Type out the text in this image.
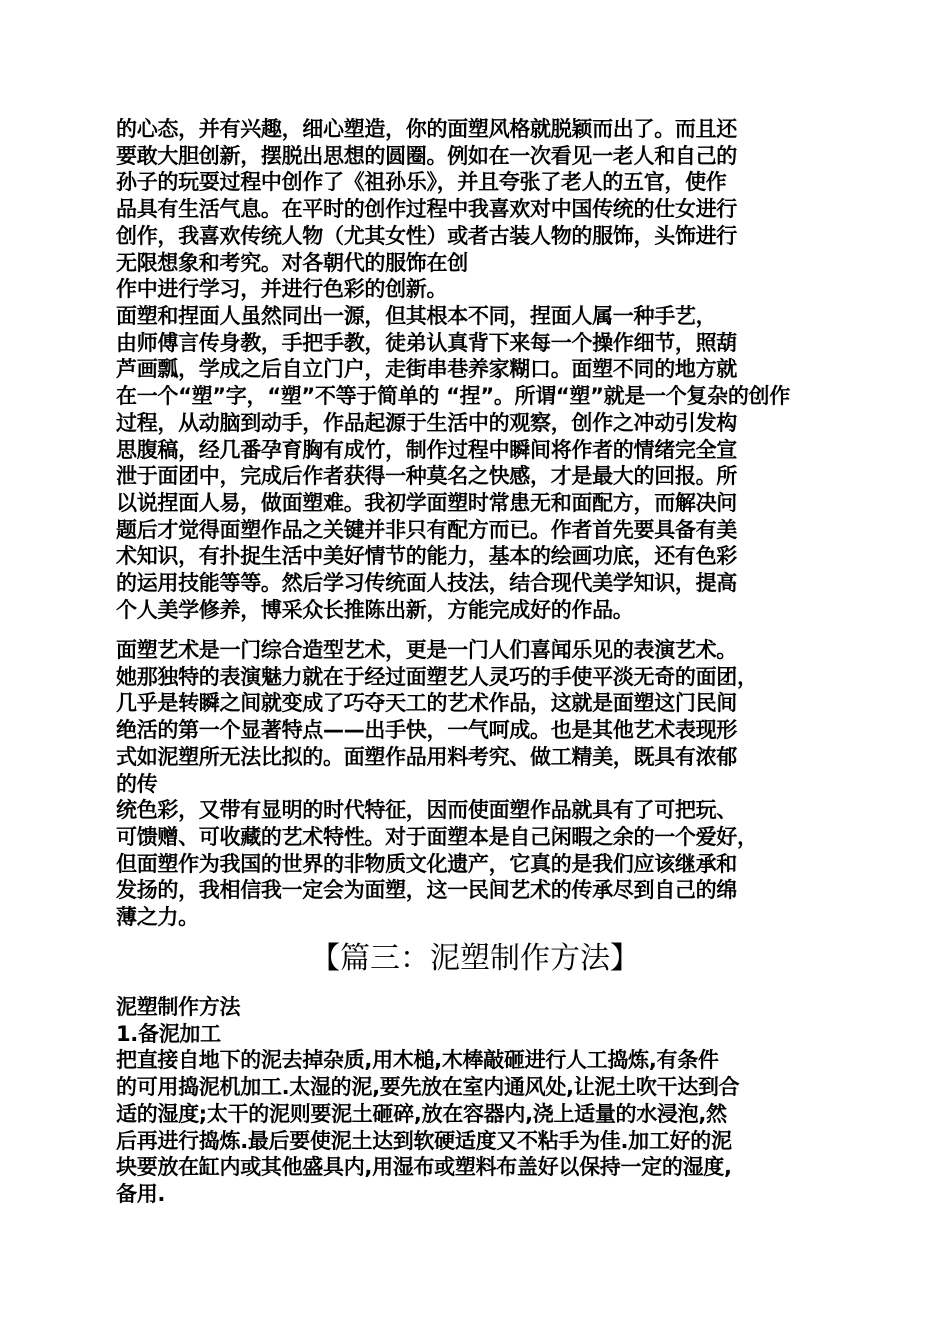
的心态，并有兴趣，细心塑造，你的面塑风格就脱颖而出了。而且还
要敢大胆创新，摆脱出思想的圆圈。例如在一次看见一老人和自己的
孙子的玩耍过程中创作了《祖孙乐》，并且夸张了老人的五官，使作
品具有生活气息。在平时的创作过程中我喜欢对中国传统的仕女进行
创作，我喜欢传统人物（尤其女性）或者古装人物的服饰，头饰进行
无限想象和考究。对各朝代的服饰在创
作中进行学习，并进行色彩的创新。
面塑和捏面人虽然同出一源，但其根本不同，捏面人属一种手艺，
由师傅言传身教，手把手教，徒弟认真背下来每一个操作细节，照葫
芦画瓢，学成之后自立门户，走街串巷养家糊口。面塑不同的地方就
在一个“塑”字，“塑”不等于简单的 “捏”。所谓“塑”就是一个复杂的创作
过程，从动脑到动手，作品起源于生活中的观察，创作之冲动引发构
思腹稿，经几番孕育胸有成竹，制作过程中瞬间将作者的情绪完全宣
泄于面团中，完成后作者获得一种莫名之快感，才是最大的回报。所
以说捏面人易，做面塑难。我初学面塑时常患无和面配方，而解决问
题后才觉得面塑作品之关键并非只有配方而已。作者首先要具备有美
术知识，有扑捉生活中美好情节的能力，基本的绘画功底，还有色彩
的运用技能等等。然后学习传统面人技法，结合现代美学知识，提高
个人美学修养，博采众长推陈出新，方能完成好的作品。
面塑艺术是一门综合造型艺术，更是一门人们喜闻乐见的表演艺术。
她那独特的表演魅力就在于经过面塑艺人灵巧的手使平淡无奇的面团，
几乎是转瞬之间就变成了巧夺天工的艺术作品，这就是面塑这门民间
绝活的第一个显著特点——出手快，一气呵成。也是其他艺术表现形
式如泥塑所无法比拟的。面塑作品用料考究、做工精美，既具有浓郁
的传
统色彩，又带有显明的时代特征，因而使面塑作品就具有了可把玩、
可馈赠、可收藏的艺术特性。对于面塑本是自己闲暇之余的一个爱好，
但面塑作为我国的世界的非物质文化遗产，它真的是我们应该继承和
发扬的，我相信我一定会为面塑，这一民间艺术的传承尽到自己的绵
薄之力。
【篇三：泥塑制作方法】
泥塑制作方法
1.备泥加工
把直接自地下的泥去掉杂质,用木槌,木棒敲砸进行人工捣炼,有条件
的可用捣泥机加工.太湿的泥,要先放在室内通风处,让泥土吹干达到合
适的湿度;太干的泥则要泥土砸碎,放在容器内,浇上适量的水浸泡,然
后再进行捣炼.最后要使泥土达到软硬适度又不粘手为佳.加工好的泥
块要放在缸内或其他盛具内,用湿布或塑料布盖好以保持一定的湿度,
备用.
